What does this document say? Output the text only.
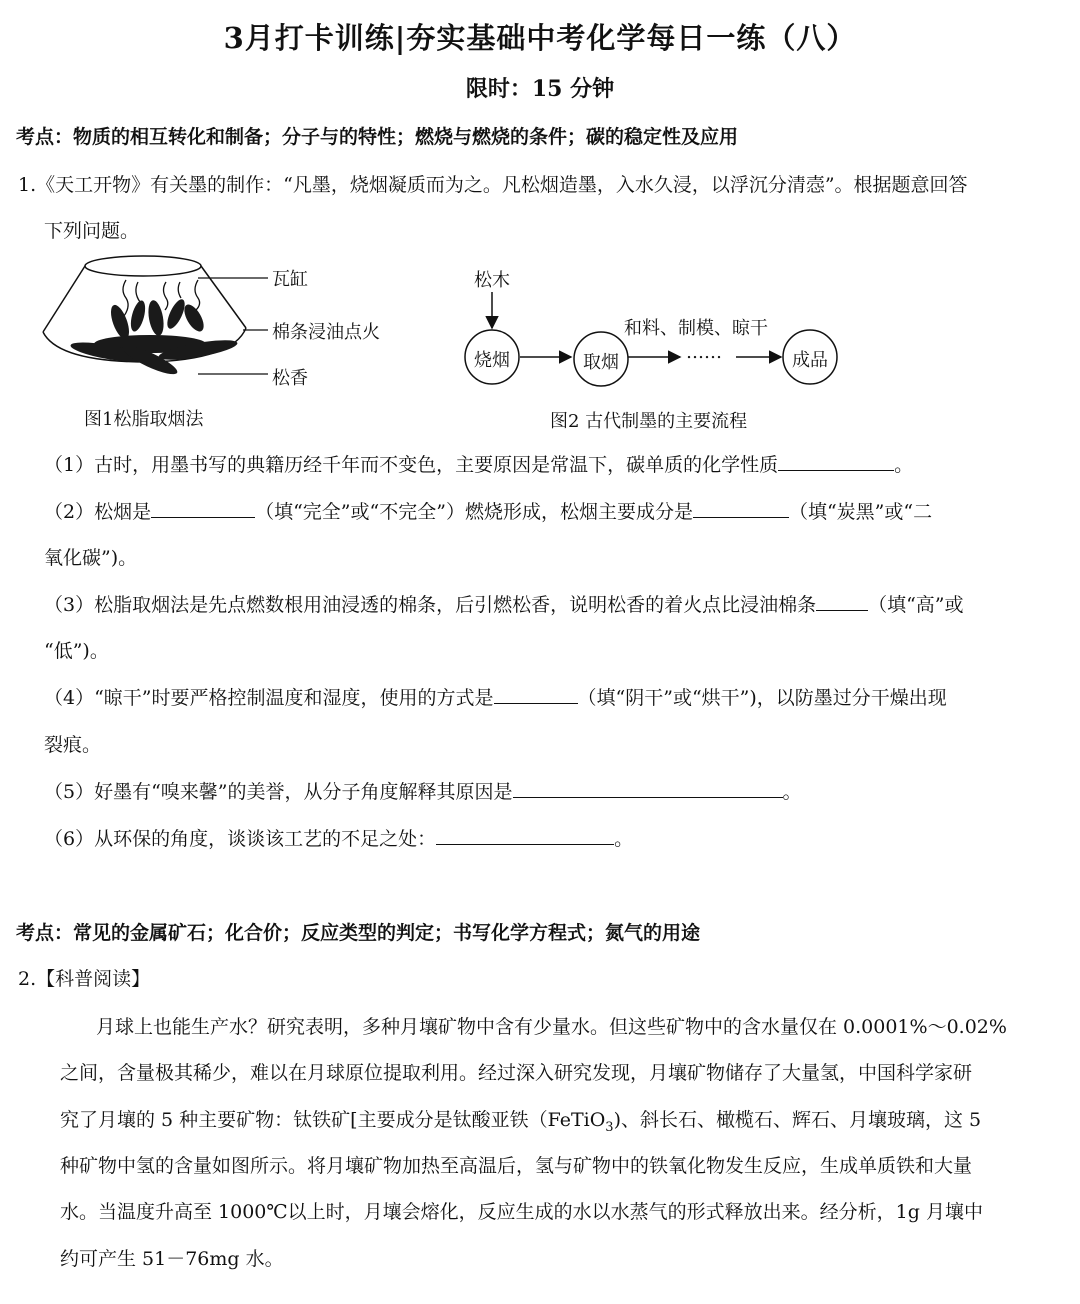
3月打卡训练|夯实基础中考化学每日一练（八）
限时：15 分钟
考点：物质的相互转化和制备；分子与的特性；燃烧与燃烧的条件；碳的稳定性及应用
1.《天工开物》有关墨的制作：“凡墨，烧烟凝质而为之。凡松烟造墨，入水久浸，以浮沉分清悫”。根据题意回答
下列问题。
瓦缸
棉条浸油点火
松香
图1松脂取烟法
松木
烧烟	取烟
和料、制模、晾干
……	成品
图2 古代制墨的主要流程
（1）古时，用墨书写的典籍历经千年而不变色，主要原因是常温下，碳单质的化学性质	。
（2）松烟是	（填“完全”或“不完全”）燃烧形成，松烟主要成分是	（填“炭黑”或“二
氧化碳”)。
（3）松脂取烟法是先点燃数根用油浸透的棉条，后引燃松香，说明松香的着火点比浸油棉条	（填“高”或
“低”)。
（4）“晾干”时要严格控制温度和湿度，使用的方式是	（填“阴干”或“烘干”)，以防墨过分干燥出现
裂痕。
（5）好墨有“嗅来馨”的美誉，从分子角度解释其原因是	。
（6）从环保的角度，谈谈该工艺的不足之处：	。
考点：常见的金属矿石；化合价；反应类型的判定；书写化学方程式；氮气的用途
2.【科普阅读】
月球上也能生产水？研究表明，多种月壤矿物中含有少量水。但这些矿物中的含水量仅在 0.0001%～0.02%
之间，含量极其稀少，难以在月球原位提取利用。经过深入研究发现，月壤矿物储存了大量氢，中国科学家研
究了月壤的 5 种主要矿物：钛铁矿[主要成分是钛酸亚铁（FeTiO$_3$)、斜长石、橄榄石、辉石、月壤玻璃，这 5
种矿物中氢的含量如图所示。将月壤矿物加热至高温后，氢与矿物中的铁氧化物发生反应，生成单质铁和大量
水。当温度升高至 1000℃以上时，月壤会熔化，反应生成的水以水蒸气的形式释放出来。经分析，1g 月壤中
约可产生 51－76mg 水。
